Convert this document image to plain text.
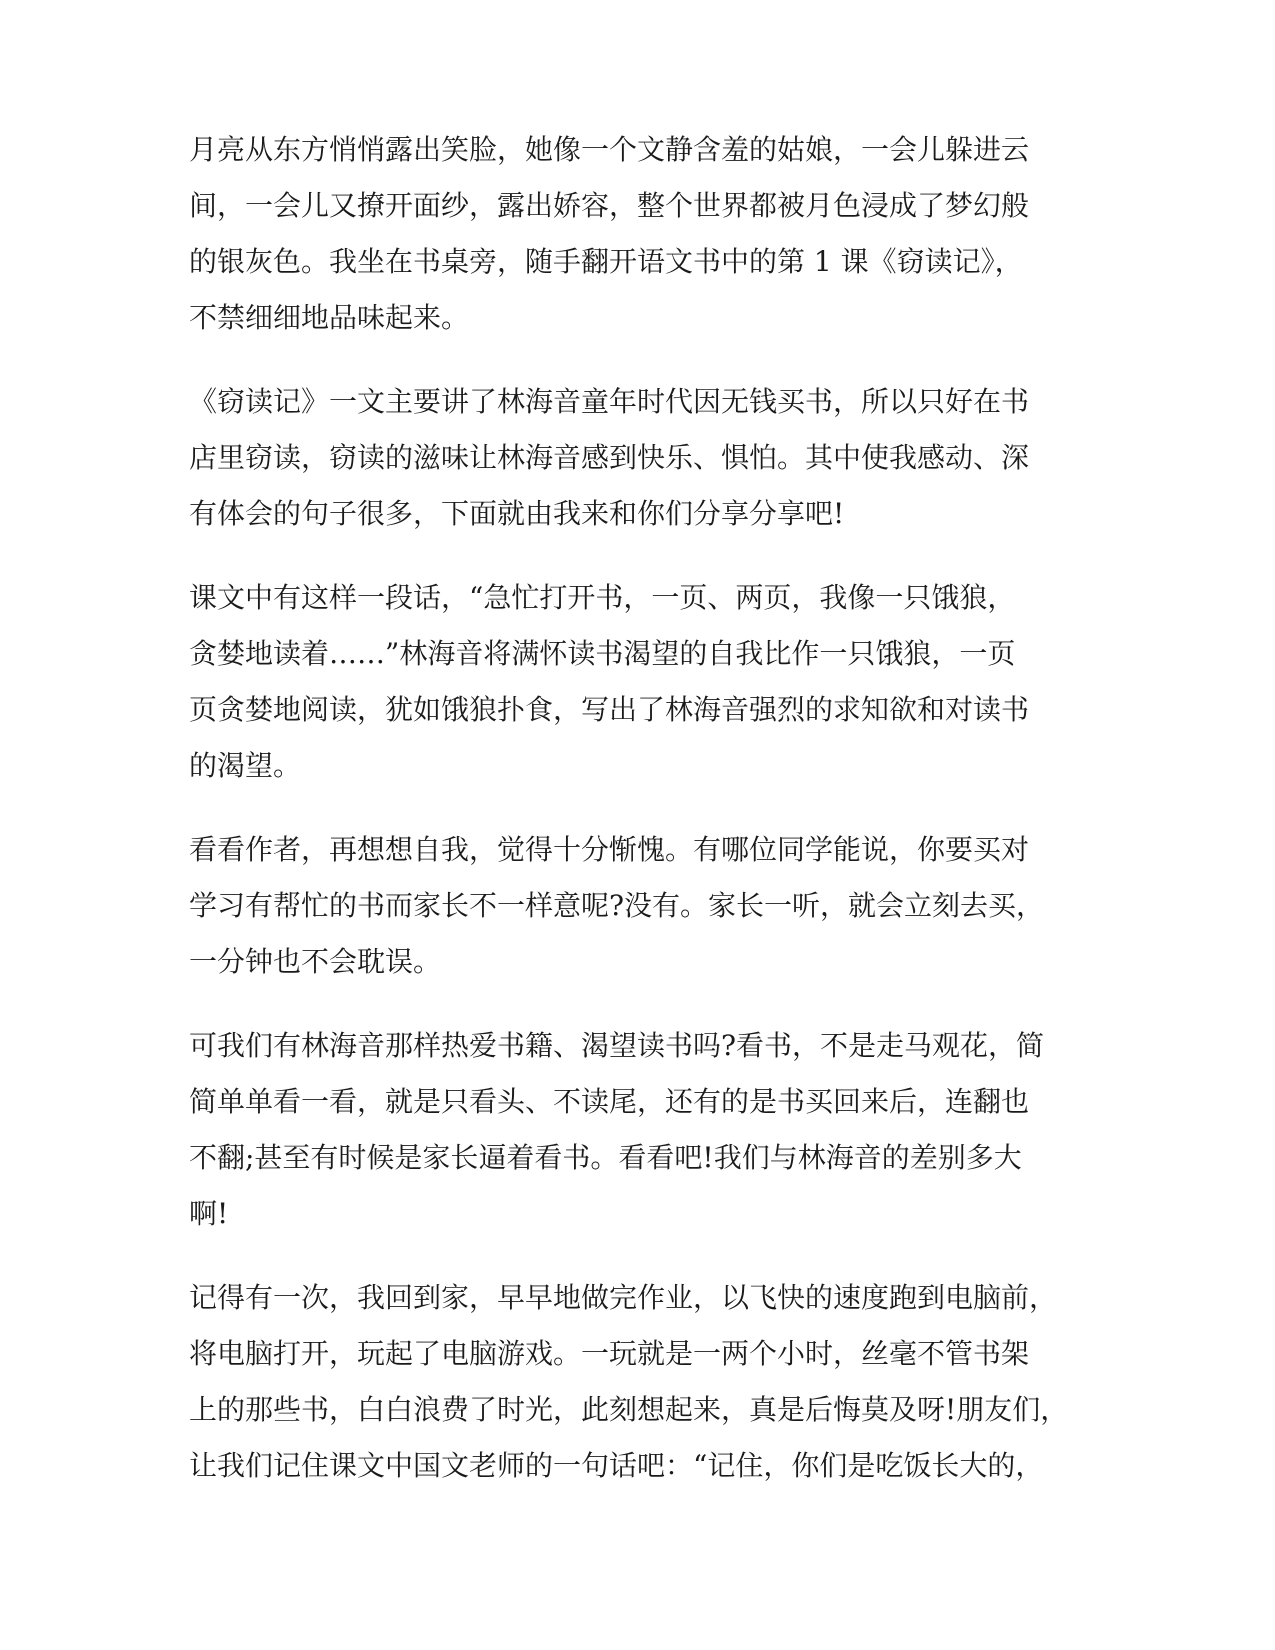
月亮从东方悄悄露出笑脸，她像一个文静含羞的姑娘，一会儿躲进云
间，一会儿又撩开面纱，露出娇容，整个世界都被月色浸成了梦幻般
的银灰色。我坐在书桌旁，随手翻开语文书中的第 1 课《窃读记》，
不禁细细地品味起来。
《窃读记》一文主要讲了林海音童年时代因无钱买书，所以只好在书
店里窃读，窃读的滋味让林海音感到快乐、惧怕。其中使我感动、深
有体会的句子很多，下面就由我来和你们分享分享吧!
课文中有这样一段话，“急忙打开书，一页、两页，我像一只饿狼，
贪婪地读着……”林海音将满怀读书渴望的自我比作一只饿狼，一页
页贪婪地阅读，犹如饿狼扑食，写出了林海音强烈的求知欲和对读书
的渴望。
看看作者，再想想自我，觉得十分惭愧。有哪位同学能说，你要买对
学习有帮忙的书而家长不一样意呢?没有。家长一听，就会立刻去买，
一分钟也不会耽误。
可我们有林海音那样热爱书籍、渴望读书吗?看书，不是走马观花，简
简单单看一看，就是只看头、不读尾，还有的是书买回来后，连翻也
不翻;甚至有时候是家长逼着看书。看看吧!我们与林海音的差别多大
啊!
记得有一次，我回到家，早早地做完作业，以飞快的速度跑到电脑前，
将电脑打开，玩起了电脑游戏。一玩就是一两个小时，丝毫不管书架
上的那些书，白白浪费了时光，此刻想起来，真是后悔莫及呀!朋友们，
让我们记住课文中国文老师的一句话吧：“记住，你们是吃饭长大的，
